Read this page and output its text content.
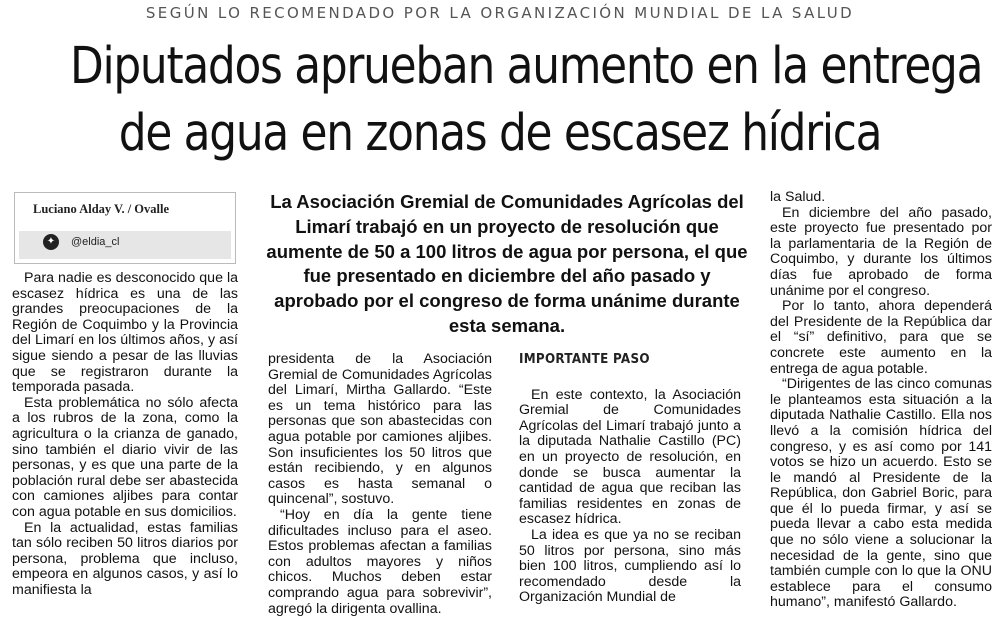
SEGÚN LO RECOMENDADO POR LA ORGANIZACIÓN MUNDIAL DE LA SALUD
Diputados aprueban aumento en la entrega
de agua en zonas de escasez hídrica
Luciano Alday V. / Ovalle
✦	@eldia_cl
La Asociación Gremial de Comunidades Agrícolas del Limarí trabajó en un proyecto de resolución que aumente de 50 a 100 litros de agua por persona, el que fue presentado en diciembre del año pasado y aprobado por el congreso de forma unánime durante esta semana.

Para nadie es desconocido que la escasez hídrica es una de las grandes preocupaciones de la Región de Coquimbo y la Provincia del Limarí en los últimos años, y así sigue siendo a pesar de las lluvias que se registraron durante la temporada pasada.

Esta problemática no sólo afecta a los rubros de la zona, como la agricultura o la crianza de ganado, sino también el diario vivir de las personas, y es que una parte de la población rural debe ser abastecida con camiones aljibes para contar con agua potable en sus domicilios.

En la actualidad, estas familias tan sólo reciben 50 litros diarios por persona, problema que incluso, empeora en algunos casos, y así lo manifiesta la

presidenta de la Asociación Gremial de Comunidades Agrícolas del Limarí, Mirtha Gallardo. “Este es un tema histórico para las personas que son abastecidas con agua potable por camiones aljibes. Son insuficientes los 50 litros que están recibiendo, y en algunos casos es hasta semanal o quincenal”, sostuvo.

“Hoy en día la gente tiene dificultades incluso para el aseo. Estos problemas afectan a familias con adultos mayores y niños chicos. Muchos deben estar comprando agua para sobrevivir”, agregó la dirigenta ovallina.

IMPORTANTE PASO

En este contexto, la Asociación Gremial de Comunidades Agrícolas del Limarí trabajó junto a la diputada Nathalie Castillo (PC) en un proyecto de resolución, en donde se busca aumentar la cantidad de agua que reciban las familias residentes en zonas de escasez hídrica.

La idea es que ya no se reciban 50 litros por persona, sino más bien 100 litros, cumpliendo así lo recomendado desde la Organización Mundial de

la Salud.

En diciembre del año pasado, este proyecto fue presentado por la parlamentaria de la Región de Coquimbo, y durante los últimos días fue aprobado de forma unánime por el congreso.

Por lo tanto, ahora dependerá del Presidente de la República dar el “sí” definitivo, para que se concrete este aumento en la entrega de agua potable.

“Dirigentes de las cinco comunas le planteamos esta situación a la diputada Nathalie Castillo. Ella nos llevó a la comisión hídrica del congreso, y es así como por 141 votos se hizo un acuerdo. Esto se le mandó al Presidente de la República, don Gabriel Boric, para que él lo pueda firmar, y así se pueda llevar a cabo esta medida que no sólo viene a solucionar la necesidad de la gente, sino que también cumple con lo que la ONU establece para el consumo humano”, manifestó Gallardo.
